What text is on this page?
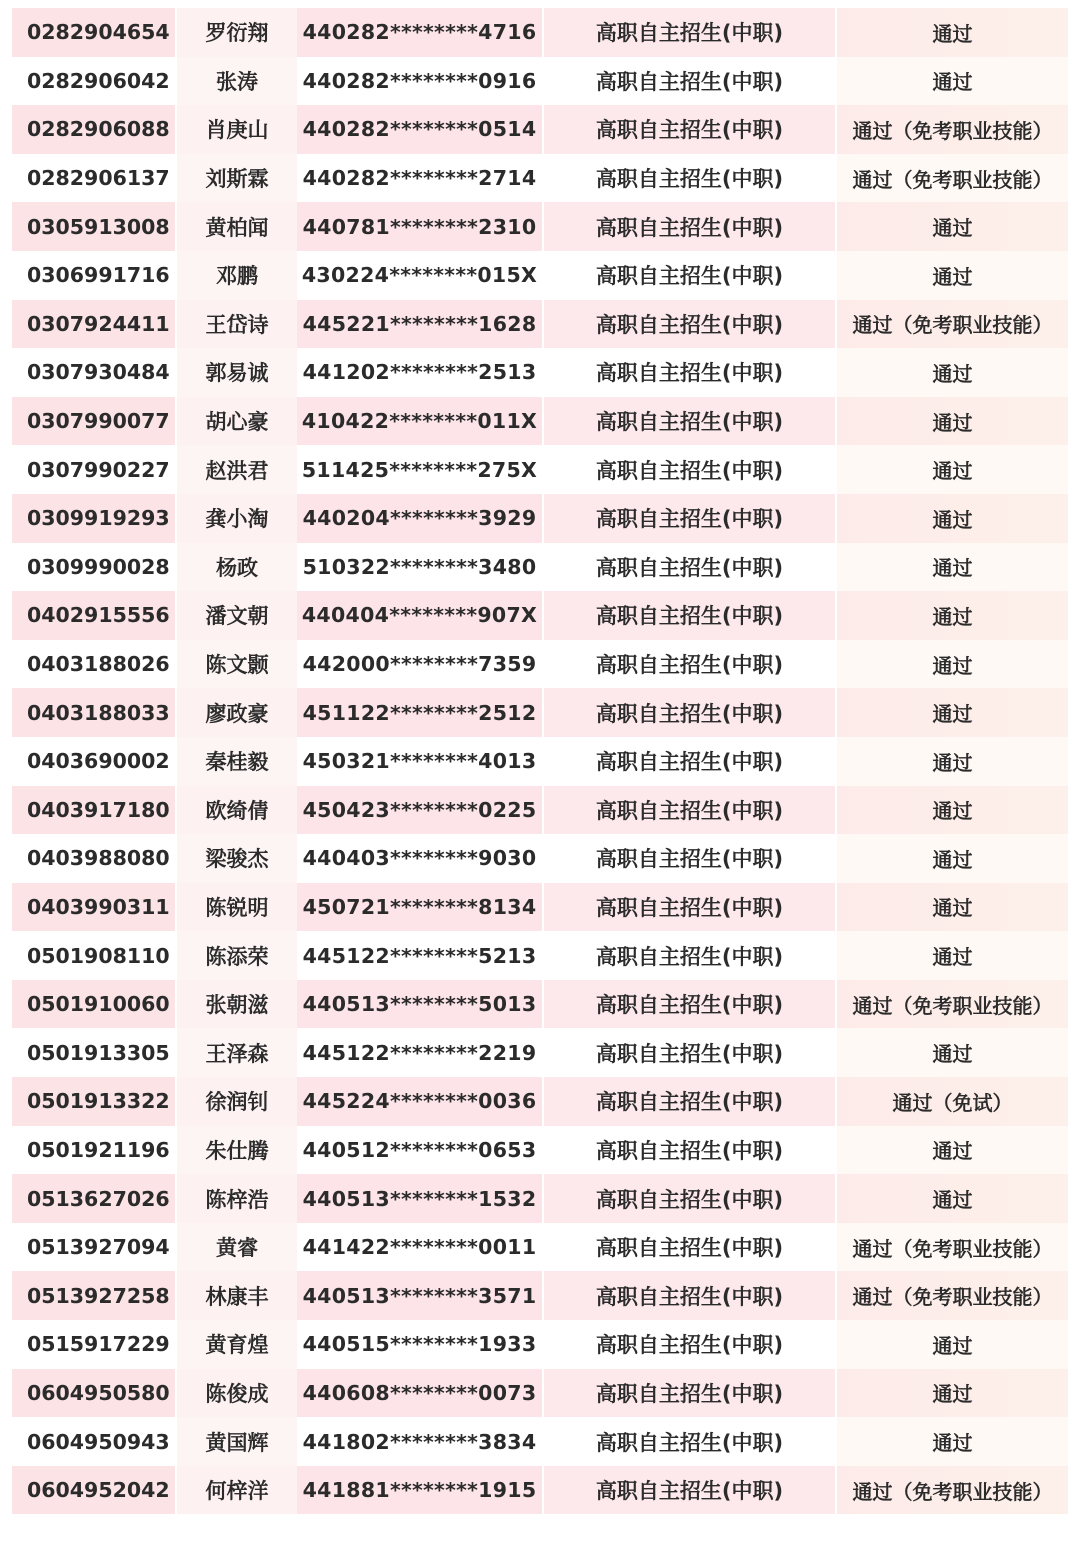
0282904654	罗衍翔	440282********4716	高职自主招生(中职)	通过
0282906042	张涛	440282********0916	高职自主招生(中职)	通过
0282906088	肖庚山	440282********0514	高职自主招生(中职)	通过（免考职业技能）
0282906137	刘斯霖	440282********2714	高职自主招生(中职)	通过（免考职业技能）
0305913008	黄柏闻	440781********2310	高职自主招生(中职)	通过
0306991716	邓鹏	430224********015X	高职自主招生(中职)	通过
0307924411	王岱诗	445221********1628	高职自主招生(中职)	通过（免考职业技能）
0307930484	郭易诚	441202********2513	高职自主招生(中职)	通过
0307990077	胡心豪	410422********011X	高职自主招生(中职)	通过
0307990227	赵洪君	511425********275X	高职自主招生(中职)	通过
0309919293	龚小淘	440204********3929	高职自主招生(中职)	通过
0309990028	杨政	510322********3480	高职自主招生(中职)	通过
0402915556	潘文朝	440404********907X	高职自主招生(中职)	通过
0403188026	陈文颢	442000********7359	高职自主招生(中职)	通过
0403188033	廖政豪	451122********2512	高职自主招生(中职)	通过
0403690002	秦桂毅	450321********4013	高职自主招生(中职)	通过
0403917180	欧绮倩	450423********0225	高职自主招生(中职)	通过
0403988080	梁骏杰	440403********9030	高职自主招生(中职)	通过
0403990311	陈锐明	450721********8134	高职自主招生(中职)	通过
0501908110	陈添荣	445122********5213	高职自主招生(中职)	通过
0501910060	张朝滋	440513********5013	高职自主招生(中职)	通过（免考职业技能）
0501913305	王泽森	445122********2219	高职自主招生(中职)	通过
0501913322	徐润钊	445224********0036	高职自主招生(中职)	通过（免试）
0501921196	朱仕腾	440512********0653	高职自主招生(中职)	通过
0513627026	陈梓浩	440513********1532	高职自主招生(中职)	通过
0513927094	黄睿	441422********0011	高职自主招生(中职)	通过（免考职业技能）
0513927258	林康丰	440513********3571	高职自主招生(中职)	通过（免考职业技能）
0515917229	黄育煌	440515********1933	高职自主招生(中职)	通过
0604950580	陈俊成	440608********0073	高职自主招生(中职)	通过
0604950943	黄国辉	441802********3834	高职自主招生(中职)	通过
0604952042	何梓洋	441881********1915	高职自主招生(中职)	通过（免考职业技能）
